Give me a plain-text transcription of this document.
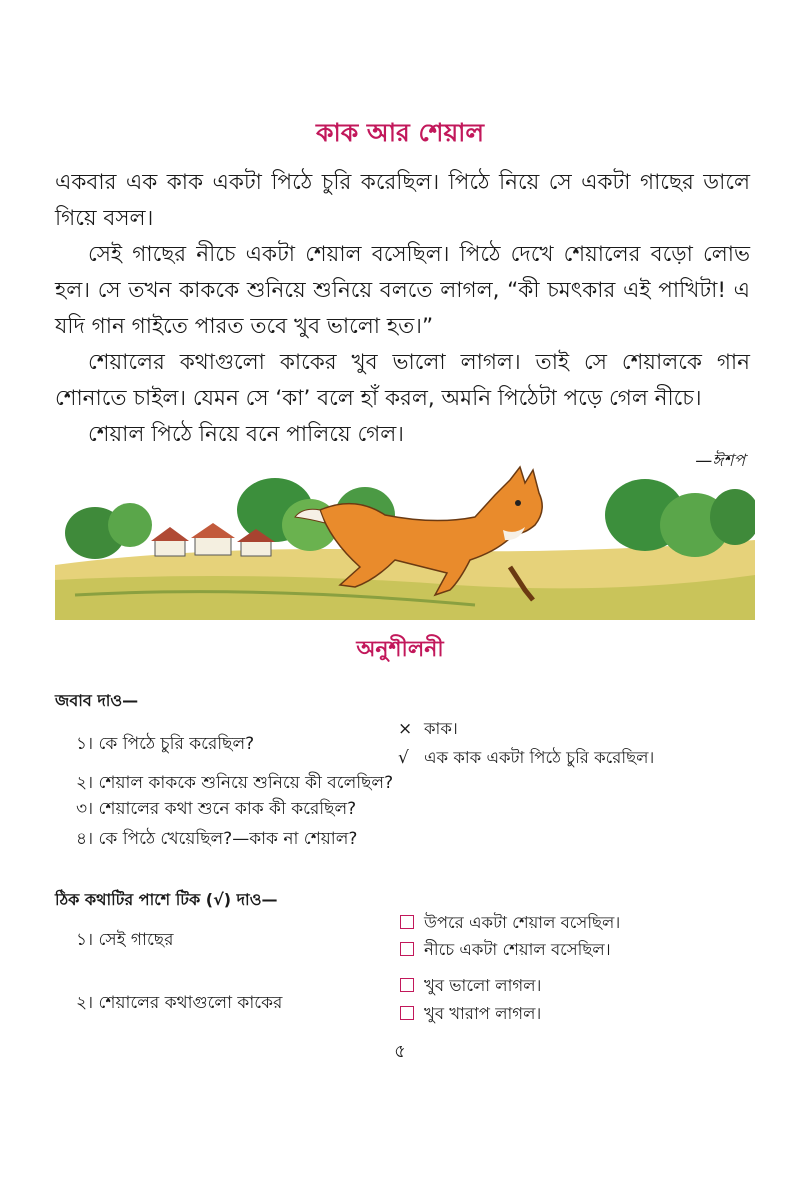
কাক আর শেয়াল

একবার এক কাক একটা পিঠে চুরি করেছিল। পিঠে নিয়ে সে একটা গাছের ডালে গিয়ে বসল।

সেই গাছের নীচে একটা শেয়াল বসেছিল। পিঠে দেখে শেয়ালের বড়ো লোভ হল। সে তখন কাককে শুনিয়ে শুনিয়ে বলতে লাগল, “কী চমৎকার এই পাখিটা! এ যদি গান গাইতে পারত তবে খুব ভালো হত।”

শেয়ালের কথাগুলো কাকের খুব ভালো লাগল। তাই সে শেয়ালকে গান শোনাতে চাইল। যেমন সে ‘কা’ বলে হাঁ করল, অমনি পিঠেটা পড়ে গেল নীচে।

শেয়াল পিঠে নিয়ে বনে পালিয়ে গেল।

—ঈশপ
অনুশীলনী
জবাব দাও—
১। কে পিঠে চুরি করেছিল?
২। শেয়াল কাককে শুনিয়ে শুনিয়ে কী বলেছিল?
৩। শেয়ালের কথা শুনে কাক কী করেছিল?
৪। কে পিঠে খেয়েছিল?—কাক না শেয়াল?
× কাক।
√ এক কাক একটা পিঠে চুরি করেছিল।
ঠিক কথাটির পাশে টিক (√) দাও—
১। সেই গাছের
উপরে একটা শেয়াল বসেছিল।
নীচে একটা শেয়াল বসেছিল।
২। শেয়ালের কথাগুলো কাকের
খুব ভালো লাগল।
খুব খারাপ লাগল।
৫
